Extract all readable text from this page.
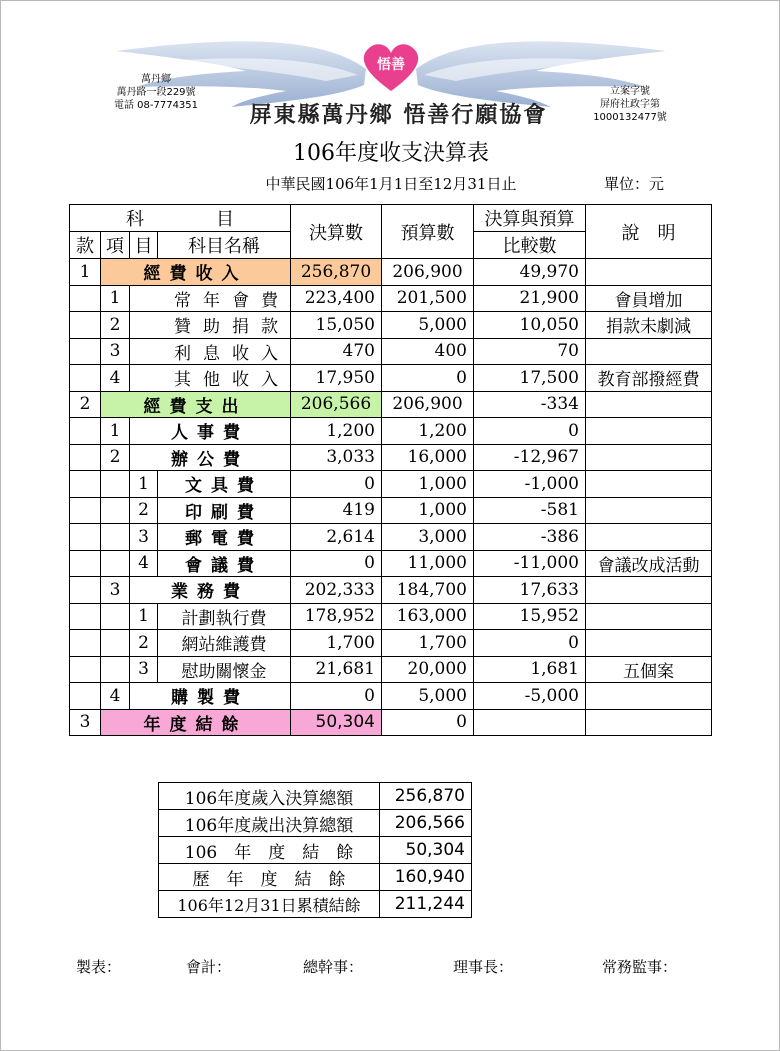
悟善
萬丹鄉
萬丹路一段229號
電話 08-7774351
立案字號
屏府社政字第
1000132477號
屏東縣萬丹鄉 悟善行願協會
106年度收支決算表
中華民國106年1月1日至12月31日止	單位：元
科　　　　目				決算數	預算數	決算與預算	說　明
款	項	目	科目名稱			比較數	
1	經費收入			256,870	206,900	49,970	
	1	常年會費		223,400	201,500	21,900	會員增加
	2	贊助捐款		15,050	5,000	10,050	捐款未劇減
	3	利息收入		470	400	70	
	4	其他收入		17,950	0	17,500	教育部撥經費
2	經費支出			206,566	206,900	-334	
	1	人事費		1,200	1,200	0	
	2	辦公費		3,033	16,000	-12,967	
		1	文具費	0	1,000	-1,000	
		2	印刷費	419	1,000	-581	
		3	郵電費	2,614	3,000	-386	
		4	會議費	0	11,000	-11,000	會議改成活動
	3	業務費		202,333	184,700	17,633	
		1	計劃執行費	178,952	163,000	15,952	
		2	網站維護費	1,700	1,700	0	
		3	慰助關懷金	21,681	20,000	1,681	五個案
	4	購製費		0	5,000	-5,000	
3	年度結餘			50,304	0		
106年度歲入決算總額	256,870
106年度歲出決算總額	206,566
106　年　度　結　餘	50,304
歷　年　度　結　餘	160,940
106年12月31日累積結餘	211,244
製表：	會計：	總幹事：	理事長：	常務監事：
